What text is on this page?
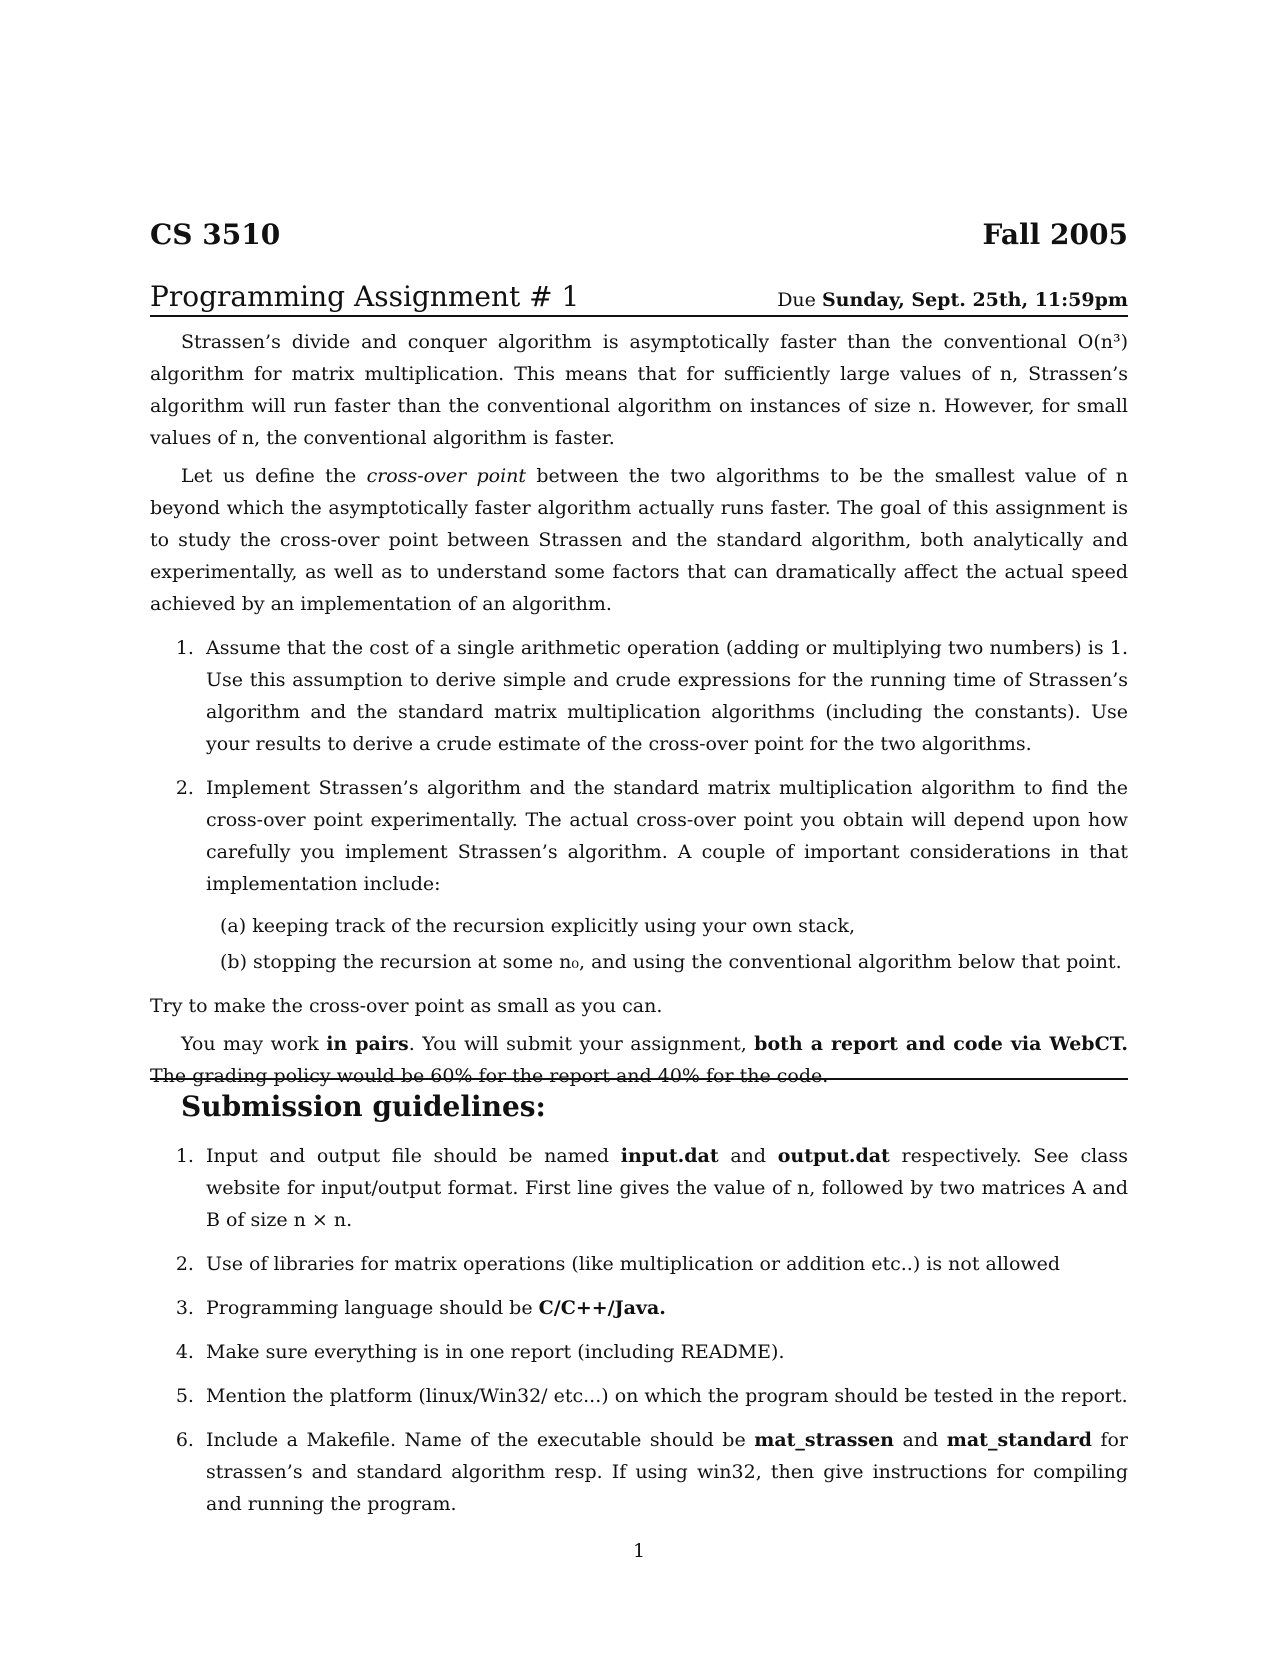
CS 3510	Fall 2005
Programming Assignment # 1	Due Sunday, Sept. 25th, 11:59pm

Strassen’s divide and conquer algorithm is asymptotically faster than the conventional O(n³) algorithm for matrix multiplication. This means that for sufficiently large values of n, Strassen’s algorithm will run faster than the conventional algorithm on instances of size n. However, for small values of n, the conventional algorithm is faster.

Let us define the cross-over point between the two algorithms to be the smallest value of n beyond which the asymptotically faster algorithm actually runs faster. The goal of this assignment is to study the cross-over point between Strassen and the standard algorithm, both analytically and experimentally, as well as to understand some factors that can dramatically affect the actual speed achieved by an implementation of an algorithm.

1. Assume that the cost of a single arithmetic operation (adding or multiplying two numbers) is 1. Use this assumption to derive simple and crude expressions for the running time of Strassen’s algorithm and the standard matrix multiplication algorithms (including the constants). Use your results to derive a crude estimate of the cross-over point for the two algorithms.
2. Implement Strassen’s algorithm and the standard matrix multiplication algorithm to find the cross-over point experimentally. The actual cross-over point you obtain will depend upon how carefully you implement Strassen’s algorithm. A couple of important considerations in that implementation include:
(a) keeping track of the recursion explicitly using your own stack,
(b) stopping the recursion at some n₀, and using the conventional algorithm below that point.

Try to make the cross-over point as small as you can.

You may work in pairs. You will submit your assignment, both a report and code via WebCT. The grading policy would be 60% for the report and 40% for the code.

Submission guidelines:
1. Input and output file should be named input.dat and output.dat respectively. See class website for input/output format. First line gives the value of n, followed by two matrices A and B of size n × n.
2. Use of libraries for matrix operations (like multiplication or addition etc..) is not allowed
3. Programming language should be C/C++/Java.
4. Make sure everything is in one report (including README).
5. Mention the platform (linux/Win32/ etc...) on which the program should be tested in the report.
6. Include a Makefile. Name of the executable should be mat_strassen and mat_standard for strassen’s and standard algorithm resp. If using win32, then give instructions for compiling and running the program.
1
